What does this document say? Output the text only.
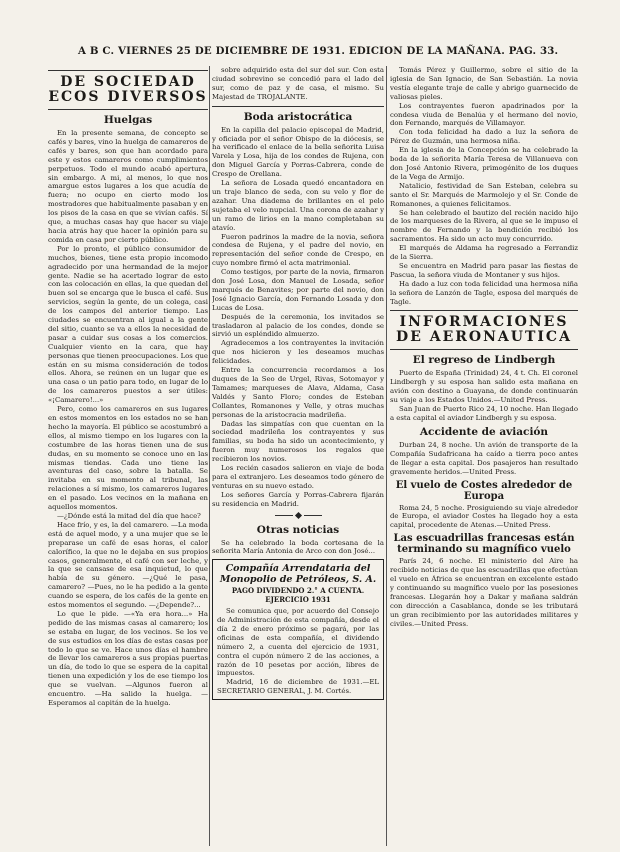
A B C. VIERNES 25 DE DICIEMBRE DE 1931. EDICION DE LA MAÑANA. PAG. 33.
DE SOCIEDAD
ECOS DIVERSOS
Huelgas

En la presente semana, de concepto se cafés y bares, vino la huelga de camareros de cafés y bares, son que han acordado para este y estos camareros como cumplimientos perpetuos. Todo el mundo acabó apertura, sin embargo. A mi, al menos, lo que nos amargue estos lugares a los que acudía de fuera; no ocupo en cierto modo los mostradores que habitualmente pasaban y en los pisos de la casa en que se vivían cafés. Sí que, a muchas casas hay que hacer su viaje hacia atrás hay que hacer la opinión para su comida en casa por cierto público.

Por lo pronto, el público consumidor de muchos, bienes, tiene esta propio incomodo agradecido por una hermandad de la mejor gente. Nadie se ha acertado lograr de esto con las colocación en ellas, la que quedan del buen sol se encarga que le busca el café. Sus servicios, según la gente, de un colega, casi de los campos del anterior tiempo. Las ciudades se encuentran al igual a la gente del sitio, cuanto se va a ellos la necesidad de pasar a cuidar sus cosas a los comercios. Cualquier viento en la cara, que hay personas que tienen preocupaciones. Los que están en su misma consideración de todos ellos. Ahora, se reúnen en un lugar que es una casa o un patio para todo, en lugar de lo de los camareros puestos a ser útiles: «¡Camarero!...»

Pero, como los camareros en sus lugares en estos momentos en los estados no se han hecho la mayoría. El público se acostumbró a ellos, al mismo tiempo en los lugares con la costumbre de las horas tienen una de sus dudas, en su momento se conoce uno en las mismas tiendas. Cada uno tiene las aventuras del caso, sobre la batalla. Se invitaba en su momento al tribunal, las relaciones a sí mismo, los camareros lugares en el pasado. Los vecinos en la mañana en aquellos momentos.

—¿Dónde está la mitad del día que hace?

Hace frío, y es, la del camarero. —La moda está de aquel modo, y a una mujer que se le preparase un café de esas horas, el calor calorífico, la que no le dejaba en sus propios casos, generalmente, el café con ser leche, y la que se cansase de esa inquietud, lo que había de su género. —¿Qué le pasa, camarero? —Pues, no le ha pedido a la gente cuando se espera, de los cafés de la gente en estos momentos el segundo. —¿Depende?...

Lo que le pide. —«Ya era hora...» Ha pedido de las mismas casas al camarero; los se estaba en lugar, de los vecinos. Se los ve de sus estudios en los días de estas casas por todo lo que se ve. Hace unos días el hambre de llevar los camareros a sus propias puertas un día, de todo lo que se espera de la capital tienen una expedición y los de ese tiempo los que se vuelvan. —Algunos fueron al encuentro. —Ha salido la huelga. —Esperamos al capitán de la huelga.

sobre adquirido esta del sur del sur. Con esta ciudad sobrevino se concedió para el lado del sur, como de paz y de casa, el mismo. Su Majestad de TROJALANTE.

Boda aristocrática

En la capilla del palacio episcopal de Madrid, y oficiada por el señor Obispo de la diócesis, se ha verificado el enlace de la bella señorita Luisa Varela y Losa, hija de los condes de Rujena, con don Miguel García y Porras-Cabrera, conde de Crespo de Orellana.

La señora de Losada quedó encantadora en un traje blanco de seda, con su velo y flor de azahar. Una diadema de brillantes en el pelo sujetaba el velo nupcial. Una corona de azahar y un ramo de lirios en la mano completaban su atavío.

Fueron padrinos la madre de la novia, señora condesa de Rujena, y el padre del novio, en representación del señor conde de Crespo, en cuyo nombre firmó el acta matrimonial.

Como testigos, por parte de la novia, firmaron don José Losa, don Manuel de Losada, señor marqués de Benavites; por parte del novio, don José Ignacio García, don Fernando Losada y don Lucas de Losa.

Después de la ceremonia, los invitados se trasladaron al palacio de los condes, donde se sirvió un espléndido almuerzo.

Agradecemos a los contrayentes la invitación que nos hicieron y les deseamos muchas felicidades.

Entre la concurrencia recordamos a los duques de la Seo de Urgel, Rivas, Sotomayor y Tamames; marqueses de Alava, Aldama, Casa Valdés y Santo Floro; condes de Esteban Collantes, Romanones y Velle, y otras muchas personas de la aristocracia madrileña.

Dadas las simpatías con que cuentan en la sociedad madrileña los contrayentes y sus familias, su boda ha sido un acontecimiento, y fueron muy numerosos los regalos que recibieron los novios.

Los recién casados salieron en viaje de boda para el extranjero. Les deseamos todo género de venturas en su nuevo estado.

Los señores García y Porras-Cabrera fijarán su residencia en Madrid.

Otras noticias

Se ha celebrado la boda cortesana de la señorita María Antonia de Arco con don José...

Compañía Arrendataria del Monopolio de Petróleos, S. A.
PAGO DIVIDENDO 2.° A CUENTA. EJERCICIO 1931

Se comunica que, por acuerdo del Consejo de Administración de esta compañía, desde el día 2 de enero próximo se pagará, por las oficinas de esta compañía, el dividendo número 2, a cuenta del ejercicio de 1931, contra el cupón número 2 de las acciones, a razón de 10 pesetas por acción, libres de impuestos.

Madrid, 16 de diciembre de 1931.—EL SECRETARIO GENERAL, J. M. Cortés.

Tomás Pérez y Guillermo, sobre el sitio de la iglesia de San Ignacio, de San Sebastián. La novia vestía elegante traje de calle y abrigo guarnecido de valiosas pieles.

Los contrayentes fueron apadrinados por la condesa viuda de Benalúa y el hermano del novio, don Fernando, marqués de Villamayor.

Con toda felicidad ha dado a luz la señora de Pérez de Guzmán, una hermosa niña.

En la iglesia de la Concepción se ha celebrado la boda de la señorita María Teresa de Villanueva con don José Antonio Rivera, primogénito de los duques de la Vega de Armijo.

Natalicio, festividad de San Esteban, celebra su santo el Sr. Marqués de Marmolejo y el Sr. Conde de Romanones, a quienes felicitamos.

Se han celebrado el bautizo del recién nacido hijo de los marqueses de la Rivera, al que se le impuso el nombre de Fernando y la bendición recibió los sacramentos. Ha sido un acto muy concurrido.

El marqués de Aldama ha regresado a Ferrandiz de la Sierra.

Se encuentra en Madrid para pasar las fiestas de Pascua, la señora viuda de Montaner y sus hijos.

Ha dado a luz con toda felicidad una hermosa niña la señora de Lanzón de Tagle, esposa del marqués de Tagle.

INFORMACIONES
DE AERONAUTICA
El regreso de Lindbergh

Puerto de España (Trinidad) 24, 4 t. Ch. El coronel Lindbergh y su esposa han salido esta mañana en avión con destino a Guayana, de donde continuarán su viaje a los Estados Unidos.—United Press.

San Juan de Puerto Rico 24, 10 noche. Han llegado a esta capital el aviador Lindbergh y su esposa.

Accidente de aviación

Durban 24, 8 noche. Un avión de transporte de la Compañía Sudafricana ha caído a tierra poco antes de llegar a esta capital. Dos pasajeros han resultado gravemente heridos.—United Press.

El vuelo de Costes alrededor de Europa

Roma 24, 5 noche. Prosiguiendo su viaje alrededor de Europa, el aviador Costes ha llegado hoy a esta capital, procedente de Atenas.—United Press.

Las escuadrillas francesas están terminando su magnífico vuelo

París 24, 6 noche. El ministerio del Aire ha recibido noticias de que las escuadrillas que efectúan el vuelo en África se encuentran en excelente estado y continuando su magnífico vuelo por las posesiones francesas. Llegarán hoy a Dakar y mañana saldrán con dirección a Casablanca, donde se les tributará un gran recibimiento por las autoridades militares y civiles.—United Press.
